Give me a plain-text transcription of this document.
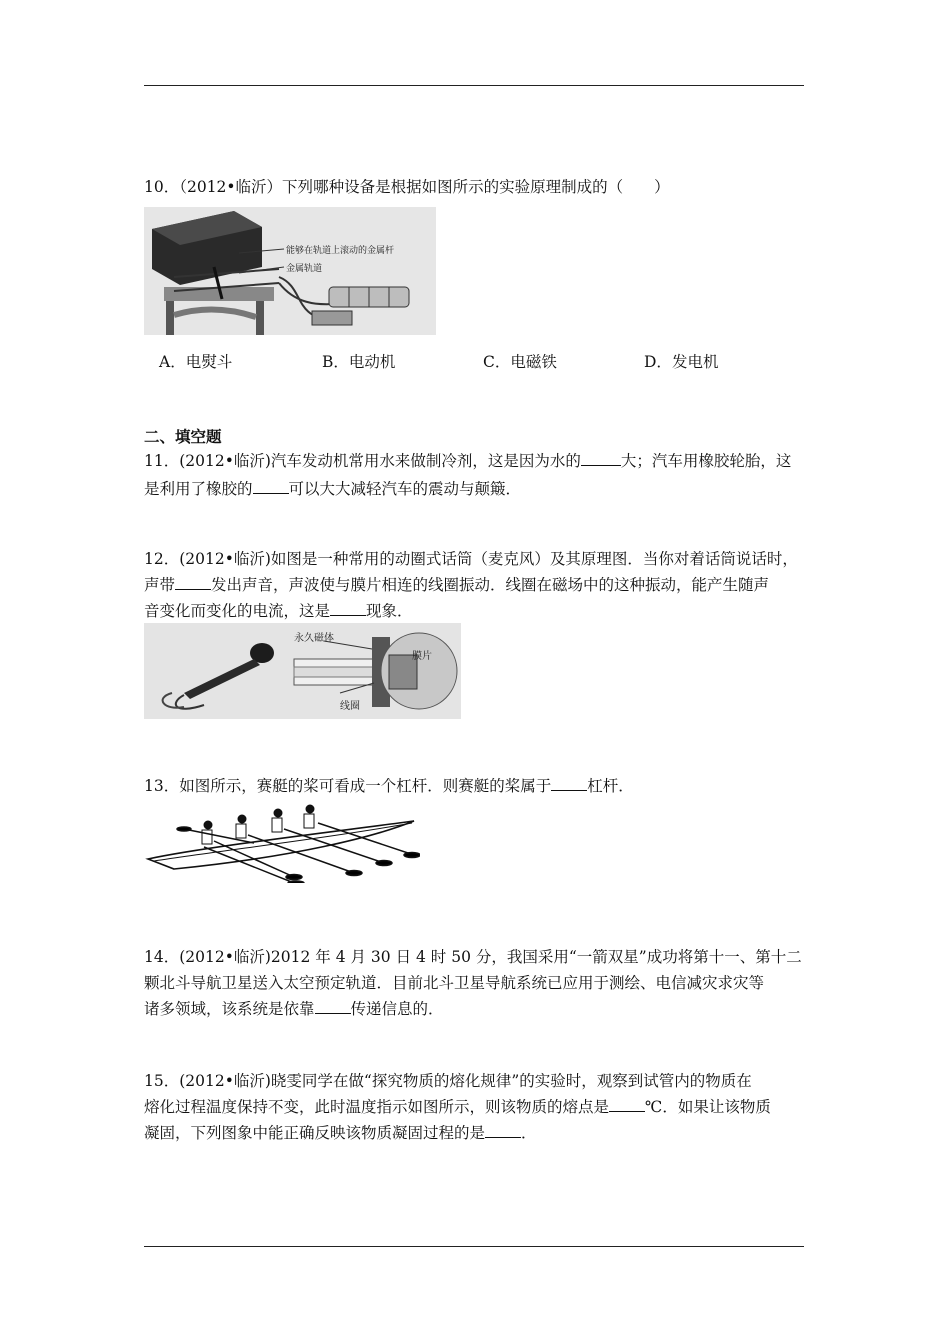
10．（2012•临沂）下列哪种设备是根据如图所示的实验原理制成的（　　）
能够在轨道上滚动的金属杆
金属轨道
A．电熨斗	B．电动机	C．电磁铁	D．发电机
二、填空题
11．(2012•临沂)汽车发动机常用水来做制冷剂，这是因为水的	大；汽车用橡胶轮胎，这
是利用了橡胶的 可以大大减轻汽车的震动与颠簸．
12．(2012•临沂)如图是一种常用的动圈式话筒（麦克风）及其原理图．当你对着话筒说话时，
声带 发出声音，声波使与膜片相连的线圈振动．线圈在磁场中的这种振动，能产生随声
音变化而变化的电流，这是 现象．
永久磁体
膜片
线圈
13．如图所示，赛艇的桨可看成一个杠杆．则赛艇的桨属于 杠杆．
14．(2012•临沂)2012 年 4 月 30 日 4 时 50 分，我国采用“一箭双星”成功将第十一、第十二
颗北斗导航卫星送入太空预定轨道．目前北斗卫星导航系统已应用于测绘、电信减灾求灾等
诸多领域，该系统是依靠 传递信息的．
15．(2012•临沂)晓雯同学在做“探究物质的熔化规律”的实验时，观察到试管内的物质在
熔化过程温度保持不变，此时温度指示如图所示，则该物质的熔点是 ℃．如果让该物质
凝固，下列图象中能正确反映该物质凝固过程的是 ．
